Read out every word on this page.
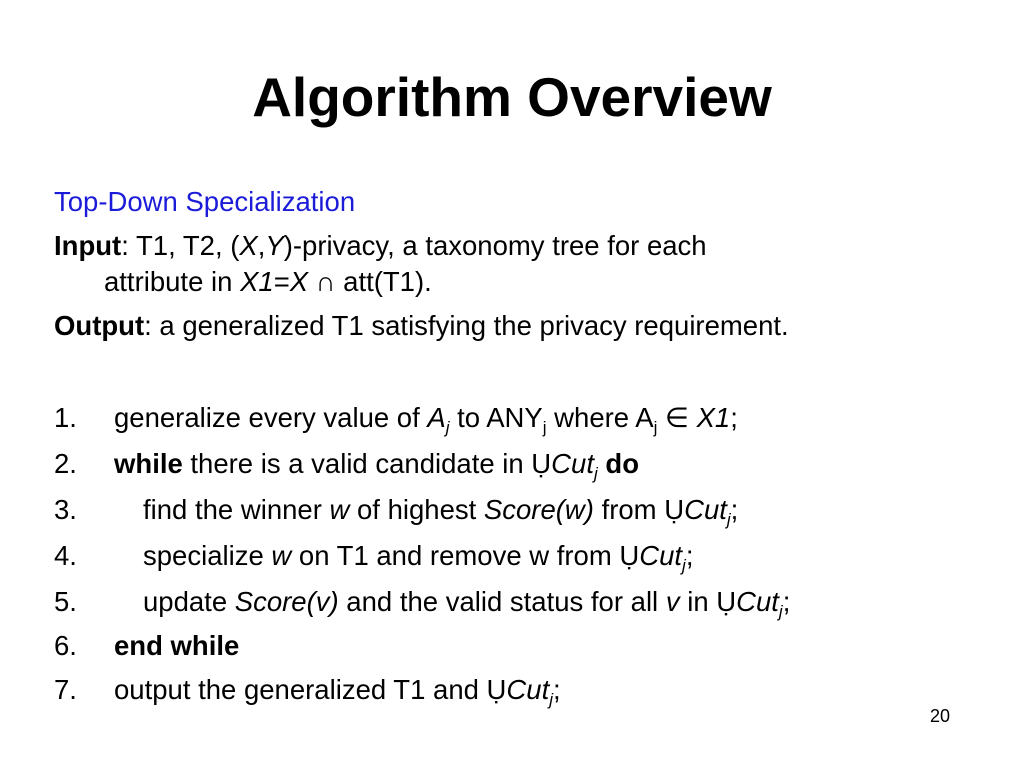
Algorithm Overview
Top-Down Specialization
Input: T1, T2, (X,Y)-privacy, a taxonomy tree for each
attribute in X1=X ∩ att(T1).
Output: a generalized T1 satisfying the privacy requirement.
1.	generalize every value of $A_j$ to $ANY_j$ where $A_j$ ∈ X1;
2.	while there is a valid candidate in ỤCut$_j$ do
3.	find the winner w of highest Score(w) from ỤCut$_j$;
4.	specialize w on T1 and remove w from ỤCut$_j$;
5.	update Score(v) and the valid status for all v in ỤCut$_j$;
6.	end while
7.	output the generalized T1 and ỤCut$_j$;
20
